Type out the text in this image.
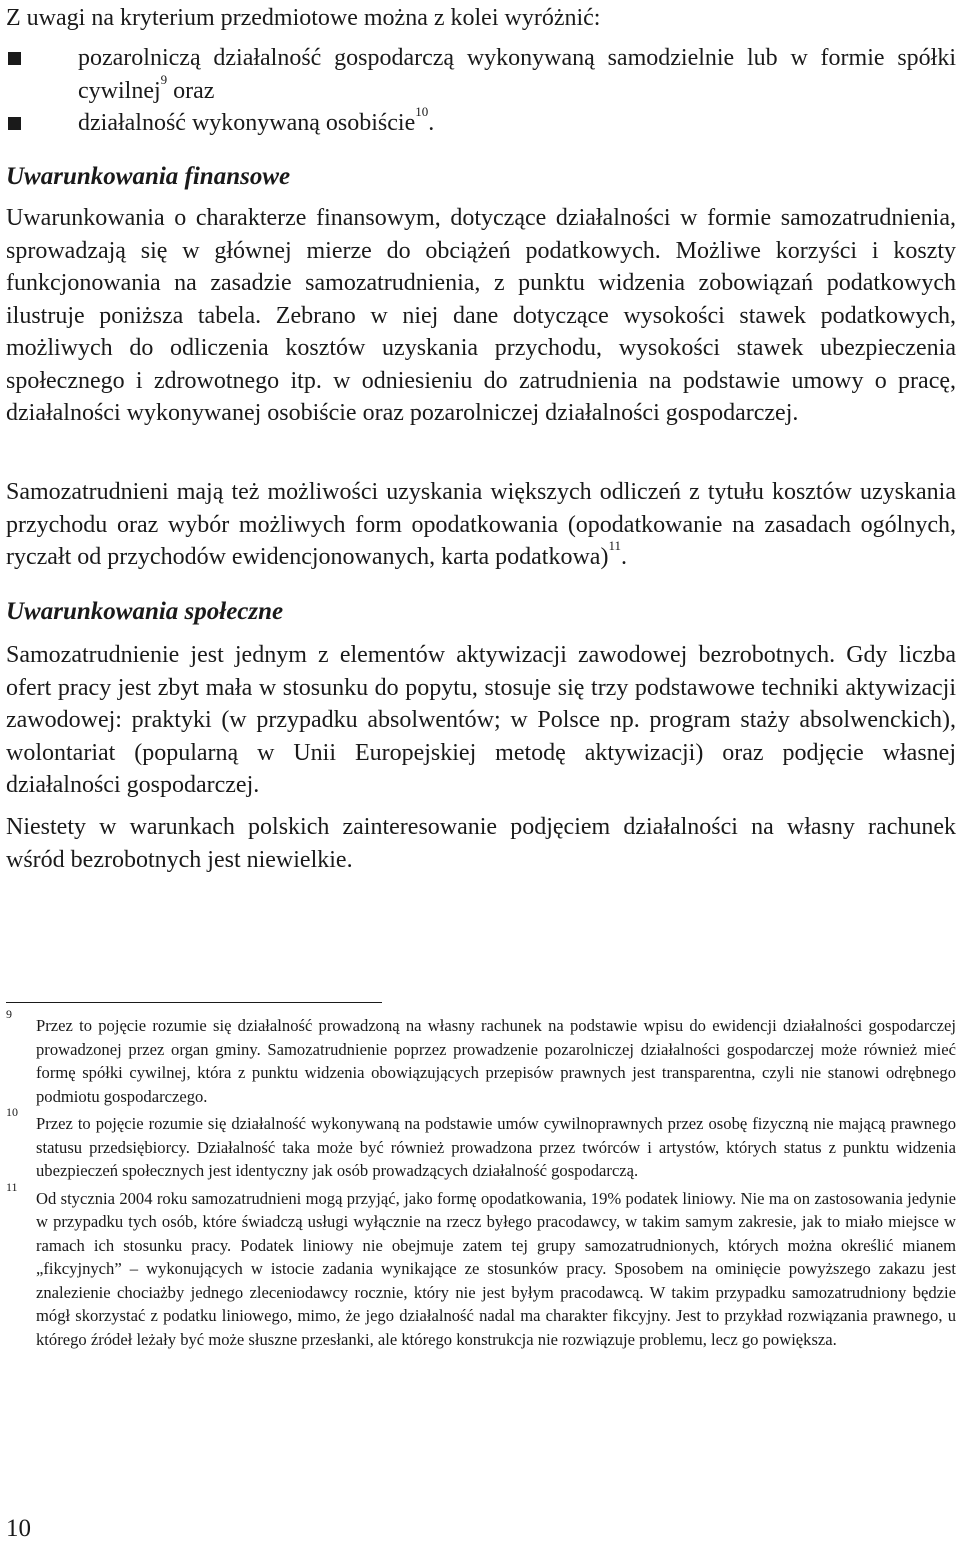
Z uwagi na kryterium przedmiotowe można z kolei wyróżnić:

pozarolniczą działalność gospodarczą wykonywaną samodzielnie lub w formie spółki cywilnej$^9$ oraz
działalność wykonywaną osobiście$^{10}$.
Uwarunkowania finansowe

Uwarunkowania o charakterze finansowym, dotyczące działalności w formie samozatrudnienia, sprowadzają się w głównej mierze do obciążeń podatkowych. Możliwe korzyści i koszty funkcjonowania na zasadzie samozatrudnienia, z punktu widzenia zobowiązań podatkowych ilustruje poniższa tabela. Zebrano w niej dane dotyczące wysokości stawek podatkowych, możliwych do odliczenia kosztów uzyskania przychodu, wysokości stawek ubezpieczenia społecznego i zdrowotnego itp. w odniesieniu do zatrudnienia na podstawie umowy o pracę, działalności wykonywanej osobiście oraz pozarolniczej działalności gospodarczej.

Samozatrudnieni mają też możliwości uzyskania większych odliczeń z tytułu kosztów uzyskania przychodu oraz wybór możliwych form opodatkowania (opodatkowanie na zasadach ogólnych, ryczałt od przychodów ewidencjonowanych, karta podatkowa)$^{11}$.

Uwarunkowania społeczne

Samozatrudnienie jest jednym z elementów aktywizacji zawodowej bezrobotnych. Gdy liczba ofert pracy jest zbyt mała w stosunku do popytu, stosuje się trzy podstawowe techniki aktywizacji zawodowej: praktyki (w przypadku absolwentów; w Polsce np. program staży absolwenckich), wolontariat (popularną w Unii Europejskiej metodę aktywizacji) oraz podjęcie własnej działalności gospodarczej.

Niestety w warunkach polskich zainteresowanie podjęciem działalności na własny rachunek wśród bezrobotnych jest niewielkie.

9
Przez to pojęcie rozumie się działalność prowadzoną na własny rachunek na podstawie wpisu do ewidencji działalności gospodarczej prowadzonej przez organ gminy. Samozatrudnienie poprzez prowadzenie pozarolniczej działalności gospodarczej może również mieć formę spółki cywilnej, która z punktu widzenia obowiązujących przepisów prawnych jest transparentna, czyli nie stanowi odrębnego podmiotu gospodarczego.

10
Przez to pojęcie rozumie się działalność wykonywaną na podstawie umów cywilnoprawnych przez osobę fizyczną nie mającą prawnego statusu przedsiębiorcy. Działalność taka może być również prowadzona przez twórców i artystów, których status z punktu widzenia ubezpieczeń społecznych jest identyczny jak osób prowadzących działalność gospodarczą.

11
Od stycznia 2004 roku samozatrudnieni mogą przyjąć, jako formę opodatkowania, 19% podatek liniowy. Nie ma on zastosowania jedynie w przypadku tych osób, które świadczą usługi wyłącznie na rzecz byłego pracodawcy, w takim samym zakresie, jak to miało miejsce w ramach ich stosunku pracy. Podatek liniowy nie obejmuje zatem tej grupy samozatrudnionych, których można określić mianem „fikcyjnych” – wykonujących w istocie zadania wynikające ze stosunków pracy. Sposobem na ominięcie powyższego zakazu jest znalezienie chociażby jednego zleceniodawcy rocznie, który nie jest byłym pracodawcą. W takim przypadku samozatrudniony będzie mógł skorzystać z podatku liniowego, mimo, że jego działalność nadal ma charakter fikcyjny. Jest to przykład rozwiązania prawnego, u którego źródeł leżały być może słuszne przesłanki, ale którego konstrukcja nie rozwiązuje problemu, lecz go powiększa.

10
